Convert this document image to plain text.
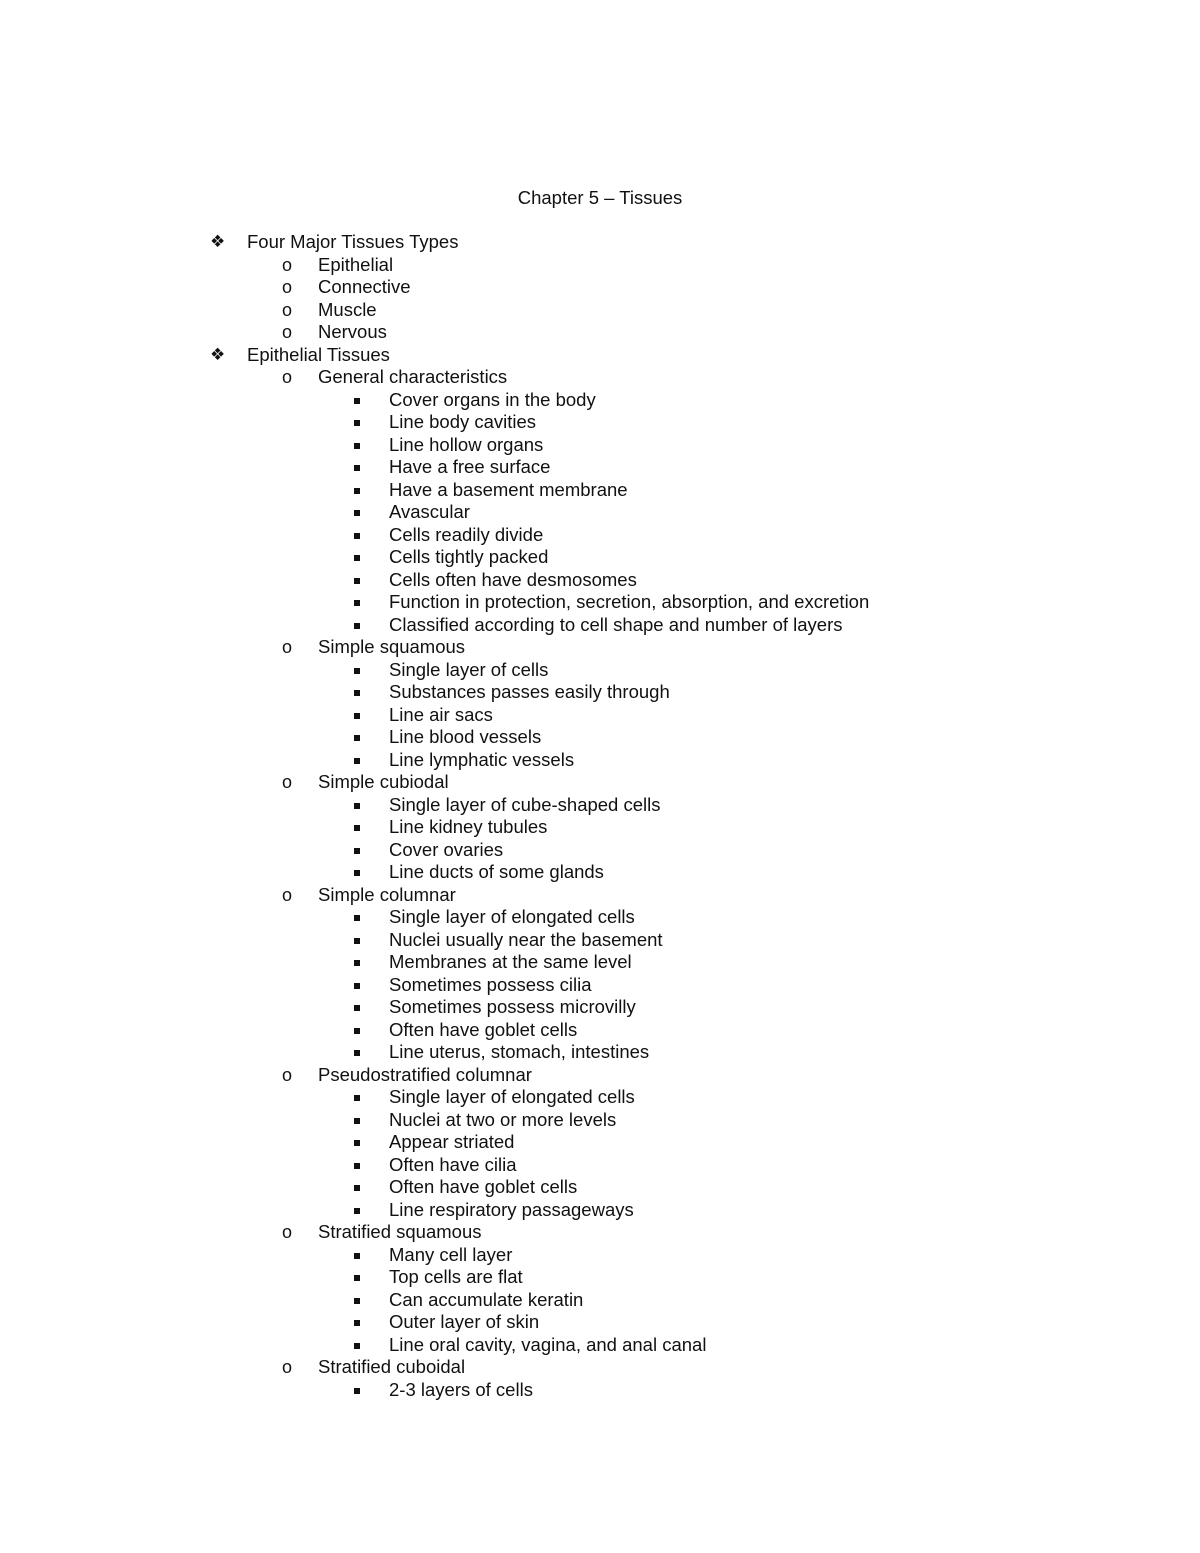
Chapter 5 – Tissues
❖ Four Major Tissues Types
o Epithelial
o Connective
o Muscle
o Nervous
❖ Epithelial Tissues
o General characteristics
Cover organs in the body
Line body cavities
Line hollow organs
Have a free surface
Have a basement membrane
Avascular
Cells readily divide
Cells tightly packed
Cells often have desmosomes
Function in protection, secretion, absorption, and excretion
Classified according to cell shape and number of layers
o Simple squamous
Single layer of cells
Substances passes easily through
Line air sacs
Line blood vessels
Line lymphatic vessels
o Simple cubiodal
Single layer of cube-shaped cells
Line kidney tubules
Cover ovaries
Line ducts of some glands
o Simple columnar
Single layer of elongated cells
Nuclei usually near the basement
Membranes at the same level
Sometimes possess cilia
Sometimes possess microvilly
Often have goblet cells
Line uterus, stomach, intestines
o Pseudostratified columnar
Single layer of elongated cells
Nuclei at two or more levels
Appear striated
Often have cilia
Often have goblet cells
Line respiratory passageways
o Stratified squamous
Many cell layer
Top cells are flat
Can accumulate keratin
Outer layer of skin
Line oral cavity, vagina, and anal canal
o Stratified cuboidal
2-3 layers of cells
